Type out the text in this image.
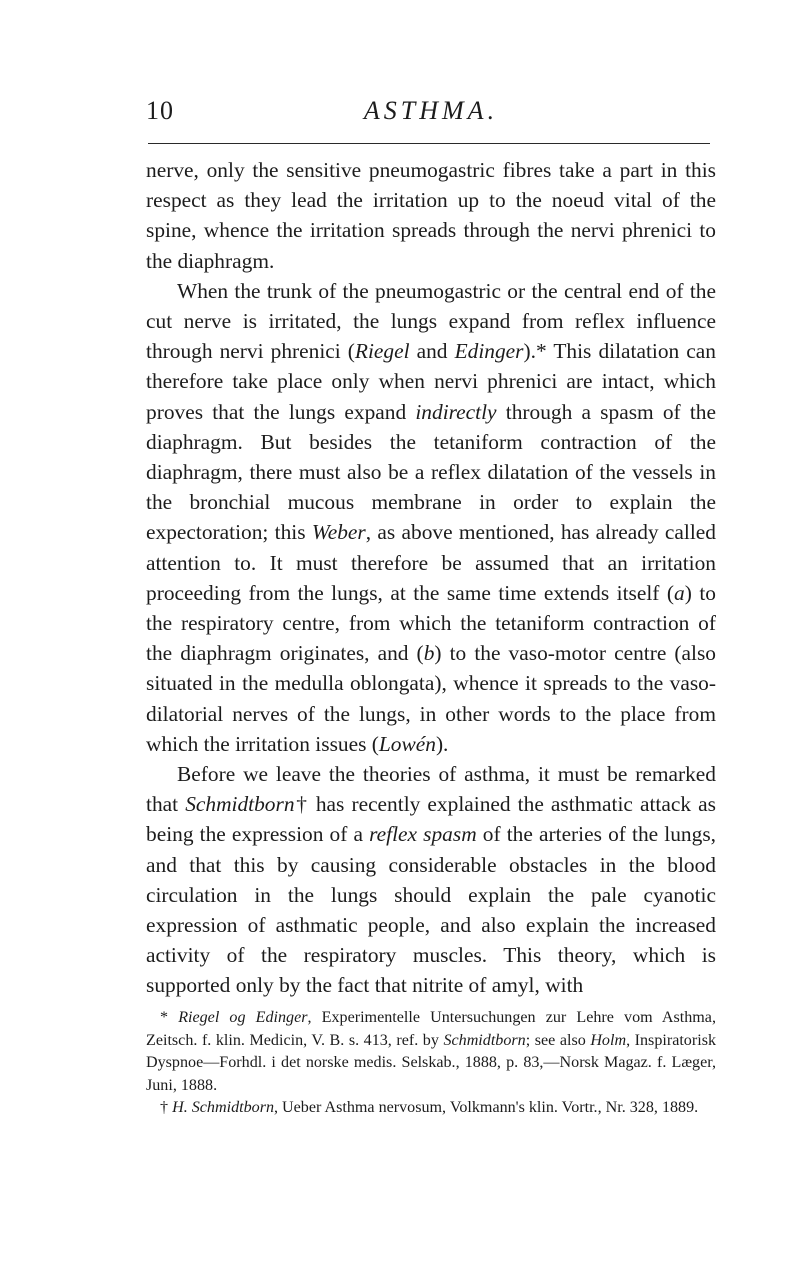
10	ASTHMA.

nerve, only the sensitive pneumogastric fibres take a part in this respect as they lead the irritation up to the noeud vital of the spine, whence the irritation spreads through the nervi phrenici to the diaphragm.

When the trunk of the pneumogastric or the central end of the cut nerve is irritated, the lungs expand from reflex influence through nervi phrenici (Riegel and Edinger).* This dilatation can therefore take place only when nervi phrenici are intact, which proves that the lungs expand indirectly through a spasm of the diaphragm. But besides the tetaniform contraction of the diaphragm, there must also be a reflex dilatation of the vessels in the bronchial mucous membrane in order to explain the expectoration; this Weber, as above mentioned, has already called attention to. It must therefore be assumed that an irritation proceeding from the lungs, at the same time extends itself (a) to the respiratory centre, from which the tetaniform contraction of the diaphragm originates, and (b) to the vaso-motor centre (also situated in the medulla oblongata), whence it spreads to the vaso-dilatorial nerves of the lungs, in other words to the place from which the irritation issues (Lowén).

Before we leave the theories of asthma, it must be remarked that Schmidtborn† has recently explained the asthmatic attack as being the expression of a reflex spasm of the arteries of the lungs, and that this by causing considerable obstacles in the blood circulation in the lungs should explain the pale cyanotic expression of asthmatic people, and also explain the increased activity of the respiratory muscles. This theory, which is supported only by the fact that nitrite of amyl, with

* Riegel og Edinger, Experimentelle Untersuchungen zur Lehre vom Asthma, Zeitsch. f. klin. Medicin, V. B. s. 413, ref. by Schmidtborn; see also Holm, Inspiratorisk Dyspnoe—Forhdl. i det norske medis. Selskab., 1888, p. 83,—Norsk Magaz. f. Læger, Juni, 1888.

† H. Schmidtborn, Ueber Asthma nervosum, Volkmann's klin. Vortr., Nr. 328, 1889.
